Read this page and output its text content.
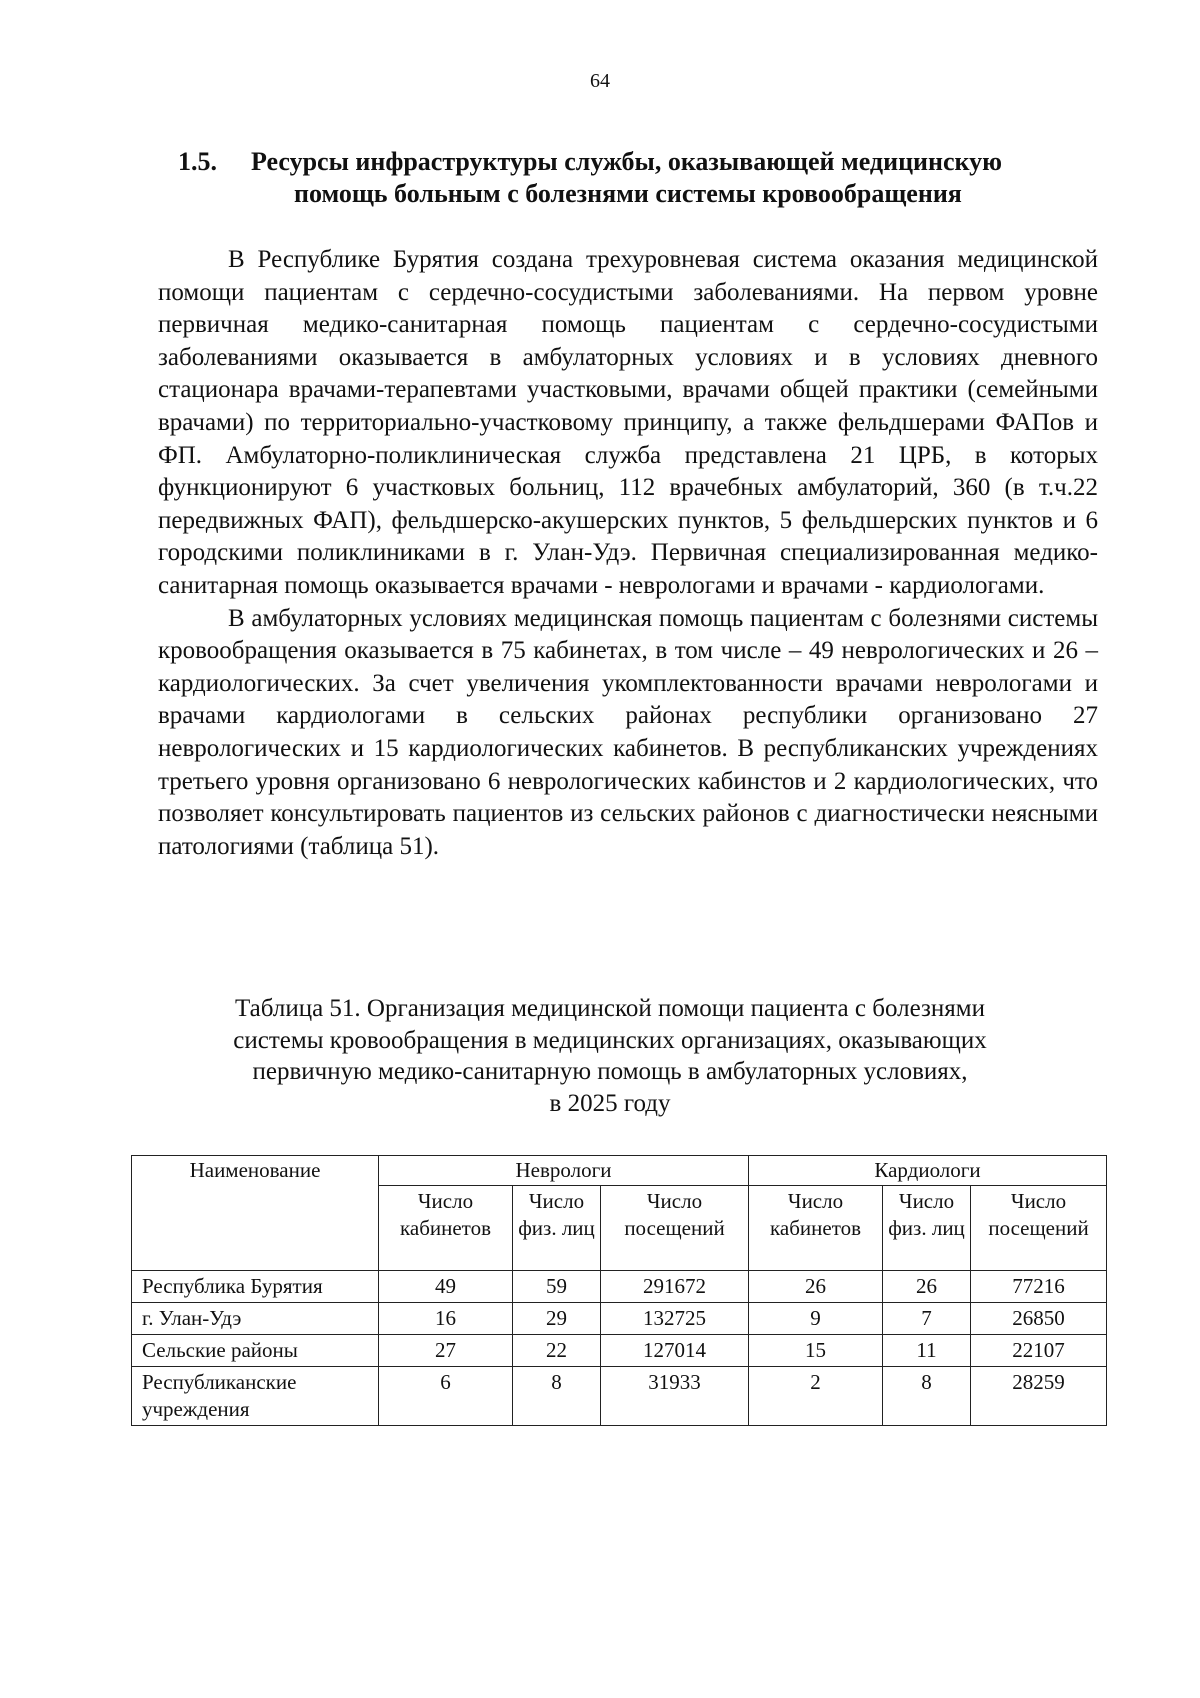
64
1.5.	Ресурсы инфраструктуры службы, оказывающей медицинскую
помощь больным с болезнями системы кровообращения

В Республике Бурятия создана трехуровневая система оказания медицинской помощи пациентам с сердечно-сосудистыми заболеваниями. На первом уровне первичная медико-санитарная помощь пациентам с сердечно-сосудистыми заболеваниями оказывается в амбулаторных условиях и в условиях дневного стационара врачами-терапевтами участковыми, врачами общей практики (семейными врачами) по территориально-участковому принципу, а также фельдшерами ФАПов и ФП. Амбулаторно-поликлиническая служба представлена 21 ЦРБ, в которых функционируют 6 участковых больниц, 112 врачебных амбулаторий, 360 (в т.ч.22 передвижных ФАП), фельдшерско-акушерских пунктов, 5 фельдшерских пунктов и 6 городскими поликлиниками в г. Улан-Удэ. Первичная специализированная медико-санитарная помощь оказывается врачами - неврологами и врачами - кардиологами.

В амбулаторных условиях медицинская помощь пациентам с болезнями системы кровообращения оказывается в 75 кабинетах, в том числе – 49 неврологических и 26 – кардиологических. За счет увеличения укомплектованности врачами неврологами и врачами кардиологами в сельских районах республики организовано 27 неврологических и 15 кардиологических кабинетов. В республиканских учреждениях третьего уровня организовано 6 неврологических кабинстов и 2 кардиологических, что позволяет консультировать пациентов из сельских районов с диагностически неясными патологиями (таблица 51).

Таблица 51. Организация медицинской помощи пациента с болезнями
системы кровообращения в медицинских организациях, оказывающих
первичную медико-санитарную помощь в амбулаторных условиях,
в 2025 году
Наименование	Неврологи			Кардиологи		
	Число кабинетов	Число физ. лиц	Число посещений	Число кабинетов	Число физ. лиц	Число посещений
Республика Бурятия	49	59	291672	26	26	77216
г. Улан-Удэ	16	29	132725	9	7	26850
Сельские районы	27	22	127014	15	11	22107
Республиканские учреждения	6	8	31933	2	8	28259
